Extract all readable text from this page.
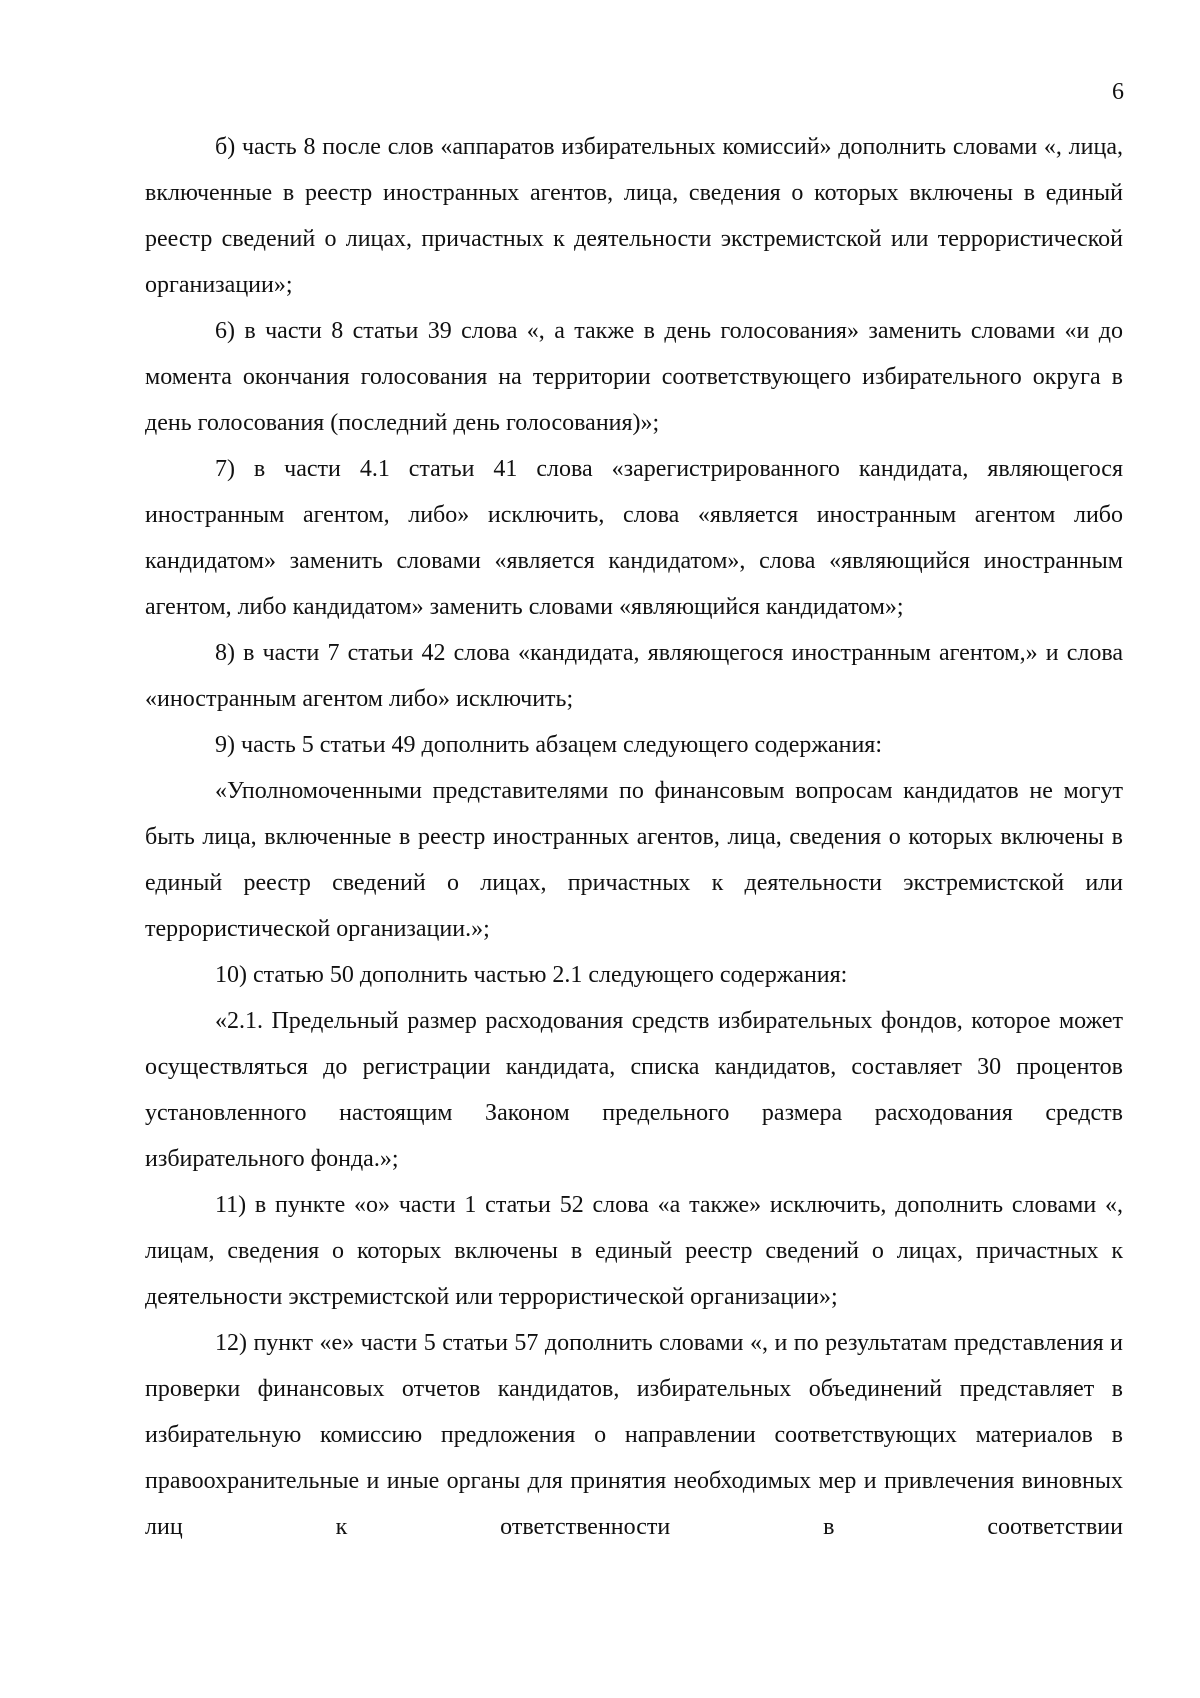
6

б) часть 8 после слов «аппаратов избирательных комиссий» дополнить словами «, лица, включенные в реестр иностранных агентов, лица, сведения о которых включены в единый реестр сведений о лицах, причастных к деятельности экстремистской или террористической организации»;

6) в части 8 статьи 39 слова «, а также в день голосования» заменить словами «и до момента окончания голосования на территории соответствующего избирательного округа в день голосования (последний день голосования)»;

7) в части 4.1 статьи 41 слова «зарегистрированного кандидата, являющегося иностранным агентом, либо» исключить, слова «является иностранным агентом либо кандидатом» заменить словами «является кандидатом», слова «являющийся иностранным агентом, либо кандидатом» заменить словами «являющийся кандидатом»;

8) в части 7 статьи 42 слова «кандидата, являющегося иностранным агентом,» и слова «иностранным агентом либо» исключить;

9) часть 5 статьи 49 дополнить абзацем следующего содержания:

«Уполномоченными представителями по финансовым вопросам кандидатов не могут быть лица, включенные в реестр иностранных агентов, лица, сведения о которых включены в единый реестр сведений о лицах, причастных к деятельности экстремистской или террористической организации.»;

10) статью 50 дополнить частью 2.1 следующего содержания:

«2.1. Предельный размер расходования средств избирательных фондов, которое может осуществляться до регистрации кандидата, списка кандидатов, составляет 30 процентов установленного настоящим Законом предельного размера расходования средств избирательного фонда.»;

11) в пункте «о» части 1 статьи 52 слова «а также» исключить, дополнить словами «, лицам, сведения о которых включены в единый реестр сведений о лицах, причастных к деятельности экстремистской или террористической организации»;

12) пункт «е» части 5 статьи 57 дополнить словами «, и по результатам представления и проверки финансовых отчетов кандидатов, избирательных объединений представляет в избирательную комиссию предложения о направлении соответствующих материалов в правоохранительные и иные органы для принятия необходимых мер и привлечения виновных лиц к ответственности в соответствии
